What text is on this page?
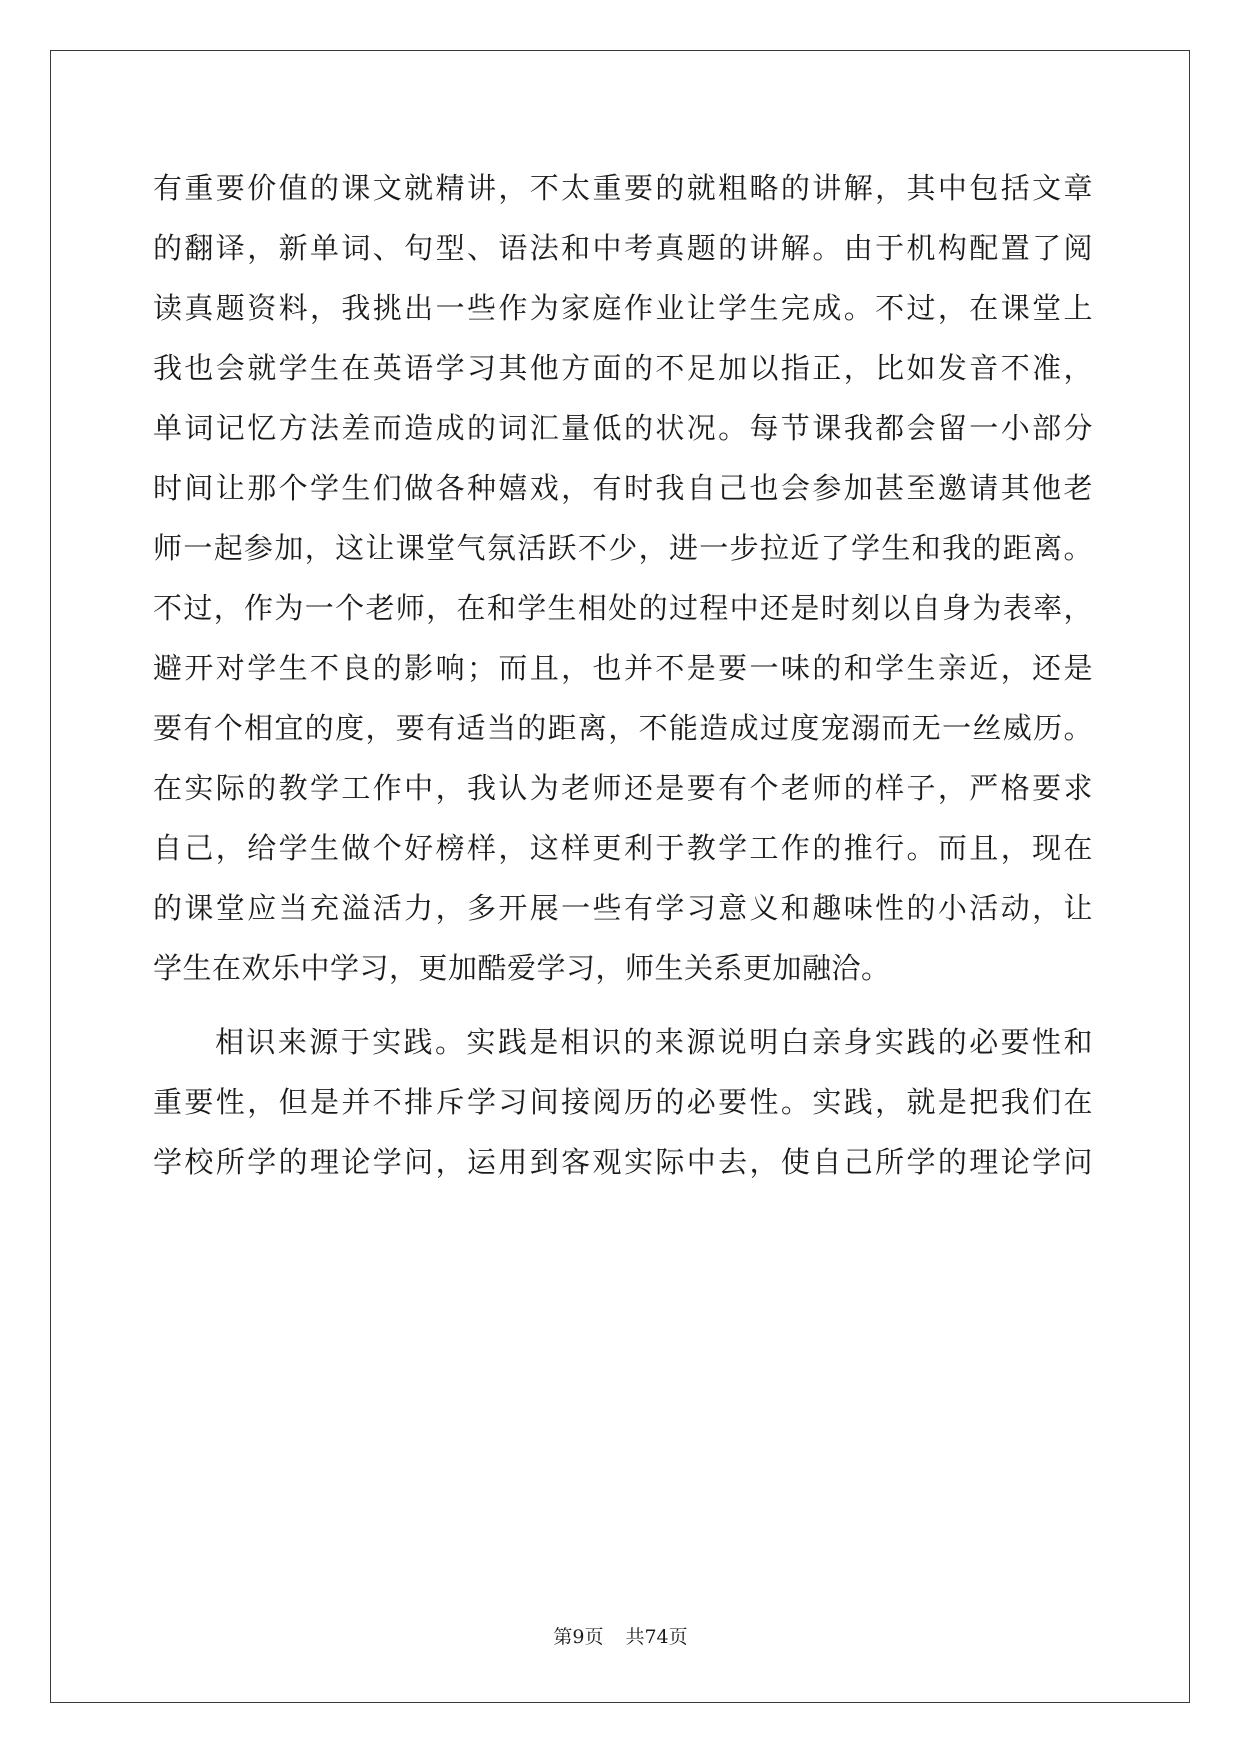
有重要价值的课文就精讲，不太重要的就粗略的讲解，其中包括文章
的翻译，新单词、句型、语法和中考真题的讲解。由于机构配置了阅
读真题资料，我挑出一些作为家庭作业让学生完成。不过，在课堂上
我也会就学生在英语学习其他方面的不足加以指正，比如发音不准，
单词记忆方法差而造成的词汇量低的状况。每节课我都会留一小部分
时间让那个学生们做各种嬉戏，有时我自己也会参加甚至邀请其他老
师一起参加，这让课堂气氛活跃不少，进一步拉近了学生和我的距离。
不过，作为一个老师，在和学生相处的过程中还是时刻以自身为表率，
避开对学生不良的影响；而且，也并不是要一味的和学生亲近，还是
要有个相宜的度，要有适当的距离，不能造成过度宠溺而无一丝威历。
在实际的教学工作中，我认为老师还是要有个老师的样子，严格要求
自己，给学生做个好榜样，这样更利于教学工作的推行。而且，现在
的课堂应当充溢活力，多开展一些有学习意义和趣味性的小活动，让
学生在欢乐中学习，更加酷爱学习，师生关系更加融洽。
相识来源于实践。实践是相识的来源说明白亲身实践的必要性和
重要性，但是并不排斥学习间接阅历的必要性。实践，就是把我们在
学校所学的理论学问，运用到客观实际中去，使自己所学的理论学问
第9页 共74页
